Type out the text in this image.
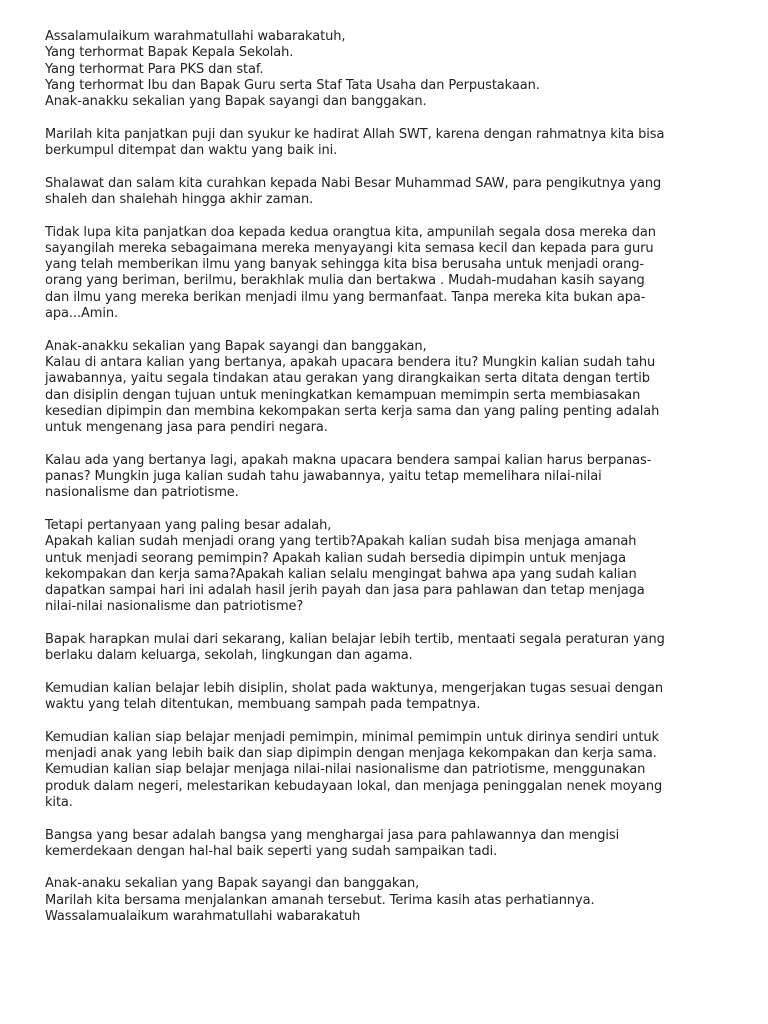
Assalamulaikum warahmatullahi wabarakatuh,
Yang terhormat Bapak Kepala Sekolah.
Yang terhormat Para PKS dan staf.
Yang terhormat Ibu dan Bapak Guru serta Staf Tata Usaha dan Perpustakaan.
Anak-anakku sekalian yang Bapak sayangi dan banggakan.

Marilah kita panjatkan puji dan syukur ke hadirat Allah SWT, karena dengan rahmatnya kita bisa
berkumpul ditempat dan waktu yang baik ini.

Shalawat dan salam kita curahkan kepada Nabi Besar Muhammad SAW, para pengikutnya yang
shaleh dan shalehah hingga akhir zaman.

Tidak lupa kita panjatkan doa kepada kedua orangtua kita, ampunilah segala dosa mereka dan
sayangilah mereka sebagaimana mereka menyayangi kita semasa kecil dan kepada para guru
yang telah memberikan ilmu yang banyak sehingga kita bisa berusaha untuk menjadi orang-
orang yang beriman, berilmu, berakhlak mulia dan bertakwa . Mudah-mudahan kasih sayang
dan ilmu yang mereka berikan menjadi ilmu yang bermanfaat. Tanpa mereka kita bukan apa-
apa...Amin.

Anak-anakku sekalian yang Bapak sayangi dan banggakan,
Kalau di antara kalian yang bertanya, apakah upacara bendera itu? Mungkin kalian sudah tahu
jawabannya, yaitu segala tindakan atau gerakan yang dirangkaikan serta ditata dengan tertib
dan disiplin dengan tujuan untuk meningkatkan kemampuan memimpin serta membiasakan
kesedian dipimpin dan membina kekompakan serta kerja sama dan yang paling penting adalah
untuk mengenang jasa para pendiri negara.

Kalau ada yang bertanya lagi, apakah makna upacara bendera sampai kalian harus berpanas-
panas? Mungkin juga kalian sudah tahu jawabannya, yaitu tetap memelihara nilai-nilai
nasionalisme dan patriotisme.

Tetapi pertanyaan yang paling besar adalah,
Apakah kalian sudah menjadi orang yang tertib?Apakah kalian sudah bisa menjaga amanah
untuk menjadi seorang pemimpin? Apakah kalian sudah bersedia dipimpin untuk menjaga
kekompakan dan kerja sama?Apakah kalian selalu mengingat bahwa apa yang sudah kalian
dapatkan sampai hari ini adalah hasil jerih payah dan jasa para pahlawan dan tetap menjaga
nilai-nilai nasionalisme dan patriotisme?

Bapak harapkan mulai dari sekarang, kalian belajar lebih tertib, mentaati segala peraturan yang
berlaku dalam keluarga, sekolah, lingkungan dan agama.

Kemudian kalian belajar lebih disiplin, sholat pada waktunya, mengerjakan tugas sesuai dengan
waktu yang telah ditentukan, membuang sampah pada tempatnya.

Kemudian kalian siap belajar menjadi pemimpin, minimal pemimpin untuk dirinya sendiri untuk
menjadi anak yang lebih baik dan siap dipimpin dengan menjaga kekompakan dan kerja sama.
Kemudian kalian siap belajar menjaga nilai-nilai nasionalisme dan patriotisme, menggunakan
produk dalam negeri, melestarikan kebudayaan lokal, dan menjaga peninggalan nenek moyang
kita.

Bangsa yang besar adalah bangsa yang menghargai jasa para pahlawannya dan mengisi
kemerdekaan dengan hal-hal baik seperti yang sudah sampaikan tadi.

Anak-anaku sekalian yang Bapak sayangi dan banggakan,
Marilah kita bersama menjalankan amanah tersebut. Terima kasih atas perhatiannya.
Wassalamualaikum warahmatullahi wabarakatuh
